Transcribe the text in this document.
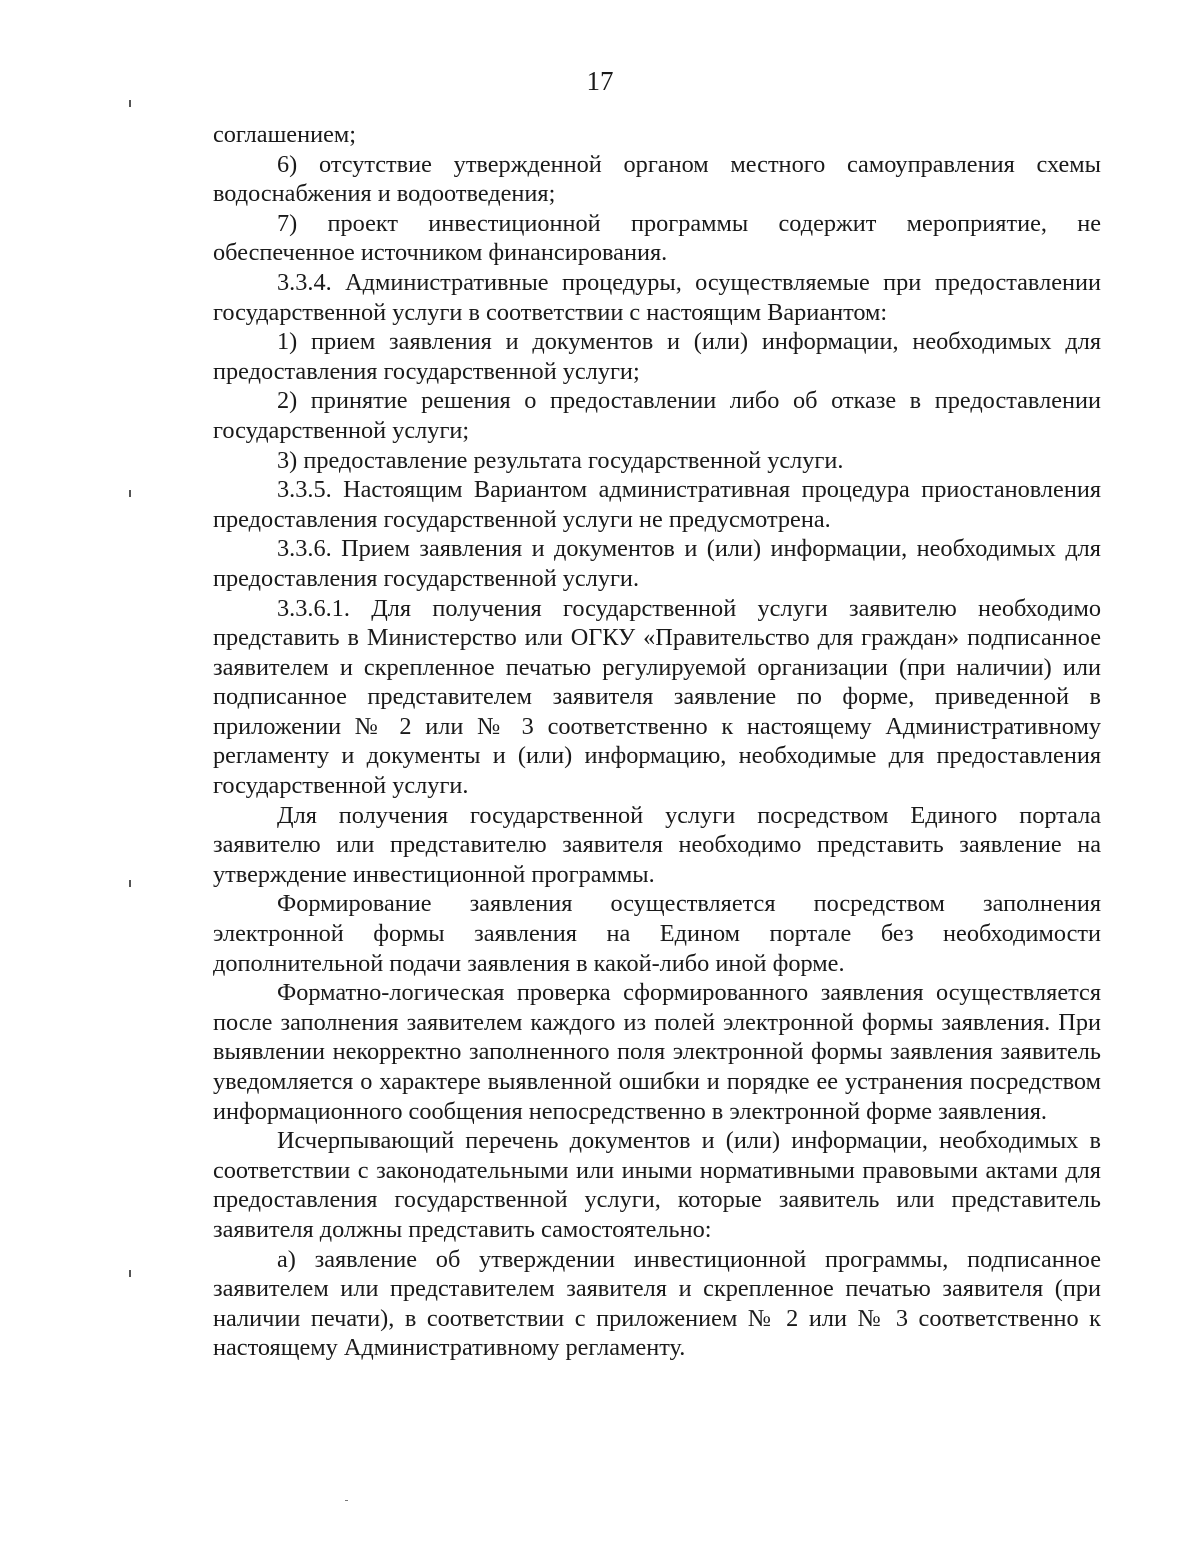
17

соглашением;

6) отсутствие утвержденной органом местного самоуправления схемы водоснабжения и водоотведения;

7) проект инвестиционной программы содержит мероприятие, не обеспеченное источником финансирования.

3.3.4. Административные процедуры, осуществляемые при предоставлении государственной услуги в соответствии с настоящим Вариантом:

1) прием заявления и документов и (или) информации, необходимых для предоставления государственной услуги;

2) принятие решения о предоставлении либо об отказе в предоставлении государственной услуги;

3) предоставление результата государственной услуги.

3.3.5. Настоящим Вариантом административная процедура приостановления предоставления государственной услуги не предусмотрена.

3.3.6. Прием заявления и документов и (или) информации, необходимых для предоставления государственной услуги.

3.3.6.1. Для получения государственной услуги заявителю необходимо представить в Министерство или ОГКУ «Правительство для граждан» подписанное заявителем и скрепленное печатью регулируемой организации (при наличии) или подписанное представителем заявителя заявление по форме, приведенной в приложении № 2 или № 3 соответственно к настоящему Административному регламенту и документы и (или) информацию, необходимые для предоставления государственной услуги.

Для получения государственной услуги посредством Единого портала заявителю или представителю заявителя необходимо представить заявление на утверждение инвестиционной программы.

Формирование заявления осуществляется посредством заполнения электронной формы заявления на Едином портале без необходимости дополнительной подачи заявления в какой-либо иной форме.

Форматно-логическая проверка сформированного заявления осуществляется после заполнения заявителем каждого из полей электронной формы заявления. При выявлении некорректно заполненного поля электронной формы заявления заявитель уведомляется о характере выявленной ошибки и порядке ее устранения посредством информационного сообщения непосредственно в электронной форме заявления.

Исчерпывающий перечень документов и (или) информации, необходимых в соответствии с законодательными или иными нормативными правовыми актами для предоставления государственной услуги, которые заявитель или представитель заявителя должны представить самостоятельно:

а) заявление об утверждении инвестиционной программы, подписанное заявителем или представителем заявителя и скрепленное печатью заявителя (при наличии печати), в соответствии с приложением № 2 или № 3 соответственно к настоящему Административному регламенту.
